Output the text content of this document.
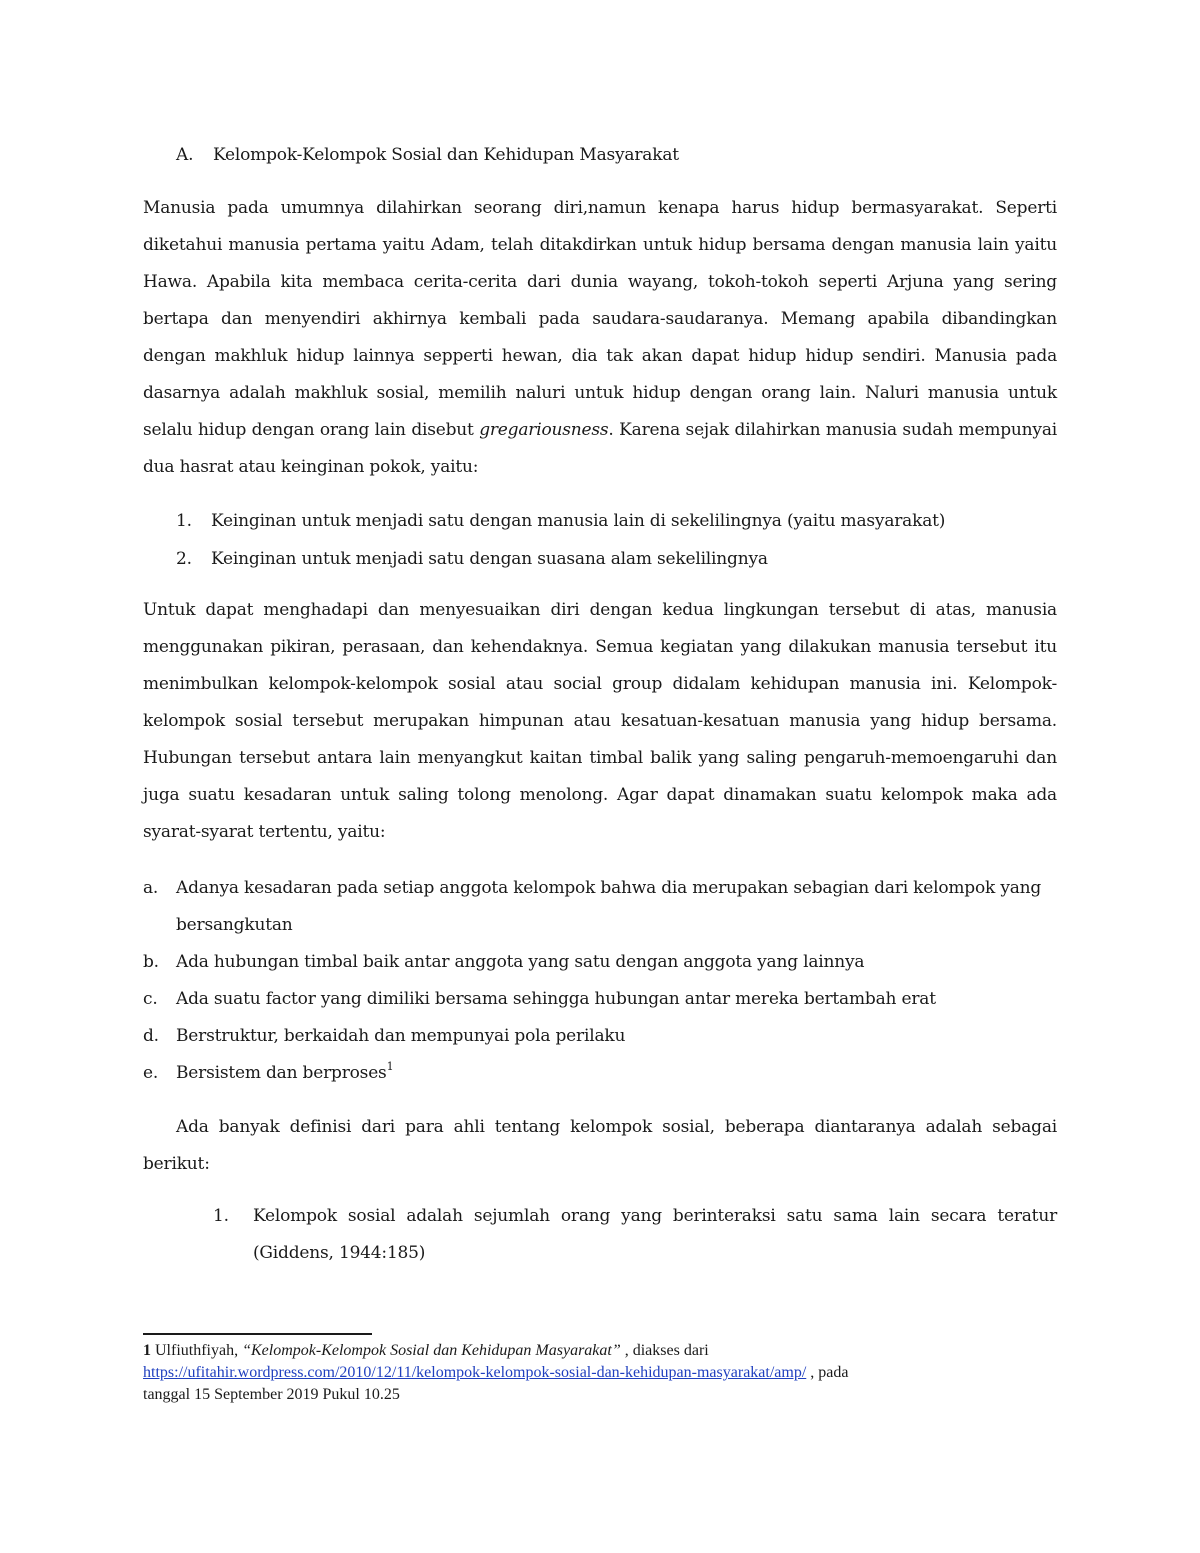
A. Kelompok-Kelompok Sosial dan Kehidupan Masyarakat

Manusia pada umumnya dilahirkan seorang diri,namun kenapa harus hidup bermasyarakat. Seperti diketahui manusia pertama yaitu Adam, telah ditakdirkan untuk hidup bersama dengan manusia lain yaitu Hawa. Apabila kita membaca cerita-cerita dari dunia wayang, tokoh-tokoh seperti Arjuna yang sering bertapa dan menyendiri akhirnya kembali pada saudara-saudaranya. Memang apabila dibandingkan dengan makhluk hidup lainnya sepperti hewan, dia tak akan dapat hidup hidup sendiri. Manusia pada dasarnya adalah makhluk sosial, memilih naluri untuk hidup dengan orang lain. Naluri manusia untuk selalu hidup dengan orang lain disebut gregariousness. Karena sejak dilahirkan manusia sudah mempunyai dua hasrat atau keinginan pokok, yaitu:

1. Keinginan untuk menjadi satu dengan manusia lain di sekelilingnya (yaitu masyarakat)
2. Keinginan untuk menjadi satu dengan suasana alam sekelilingnya

Untuk dapat menghadapi dan menyesuaikan diri dengan kedua lingkungan tersebut di atas, manusia menggunakan pikiran, perasaan, dan kehendaknya. Semua kegiatan yang dilakukan manusia tersebut itu menimbulkan kelompok-kelompok sosial atau social group didalam kehidupan manusia ini. Kelompok-kelompok sosial tersebut merupakan himpunan atau kesatuan-kesatuan manusia yang hidup bersama. Hubungan tersebut antara lain menyangkut kaitan timbal balik yang saling pengaruh-memoengaruhi dan juga suatu kesadaran untuk saling tolong menolong. Agar dapat dinamakan suatu kelompok maka ada syarat-syarat tertentu, yaitu:

a. Adanya kesadaran pada setiap anggota kelompok bahwa dia merupakan sebagian dari kelompok yang
bersangkutan
b. Ada hubungan timbal baik antar anggota yang satu dengan anggota yang lainnya
c. Ada suatu factor yang dimiliki bersama sehingga hubungan antar mereka bertambah erat
d. Berstruktur, berkaidah dan mempunyai pola perilaku
e. Bersistem dan berproses$^1$

Ada banyak definisi dari para ahli tentang kelompok sosial, beberapa diantaranya adalah sebagai berikut:

1. Kelompok sosial adalah sejumlah orang yang berinteraksi satu sama lain secara teratur (Giddens, 1944:185)

1 Ulfiuthfiyah, “Kelompok-Kelompok Sosial dan Kehidupan Masyarakat” , diakses dari
https://ufitahir.wordpress.com/2010/12/11/kelompok-kelompok-sosial-dan-kehidupan-masyarakat/amp/ , pada
tanggal 15 September 2019 Pukul 10.25
